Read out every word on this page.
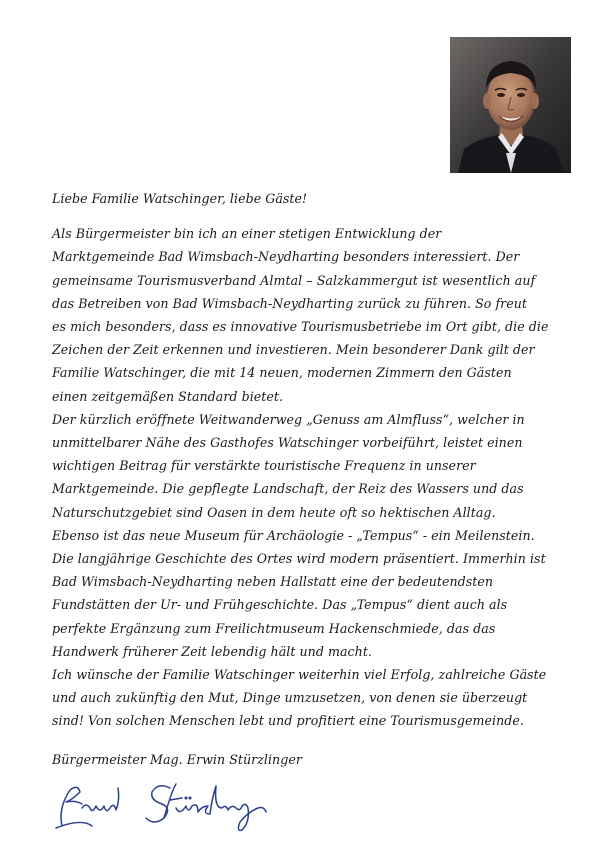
Liebe Familie Watschinger, liebe Gäste!

Als Bürgermeister bin ich an einer stetigen Entwicklung der
Marktgemeinde Bad Wimsbach-Neydharting besonders interessiert. Der
gemeinsame Tourismusverband Almtal – Salzkammergut ist wesentlich auf
das Betreiben von Bad Wimsbach-Neydharting zurück zu führen. So freut
es mich besonders, dass es innovative Tourismusbetriebe im Ort gibt, die die
Zeichen der Zeit erkennen und investieren. Mein besonderer Dank gilt der
Familie Watschinger, die mit 14 neuen, modernen Zimmern den Gästen
einen zeitgemäßen Standard bietet.
Der kürzlich eröffnete Weitwanderweg „Genuss am Almfluss“, welcher in
unmittelbarer Nähe des Gasthofes Watschinger vorbeiführt, leistet einen
wichtigen Beitrag für verstärkte touristische Frequenz in unserer
Marktgemeinde. Die gepflegte Landschaft, der Reiz des Wassers und das
Naturschutzgebiet sind Oasen in dem heute oft so hektischen Alltag.
Ebenso ist das neue Museum für Archäologie - „Tempus“ - ein Meilenstein.
Die langjährige Geschichte des Ortes wird modern präsentiert. Immerhin ist
Bad Wimsbach-Neydharting neben Hallstatt eine der bedeutendsten
Fundstätten der Ur- und Frühgeschichte. Das „Tempus“ dient auch als
perfekte Ergänzung zum Freilichtmuseum Hackenschmiede, das das
Handwerk früherer Zeit lebendig hält und macht.
Ich wünsche der Familie Watschinger weiterhin viel Erfolg, zahlreiche Gäste
und auch zukünftig den Mut, Dinge umzusetzen, von denen sie überzeugt
sind! Von solchen Menschen lebt und profitiert eine Tourismusgemeinde.

Bürgermeister Mag. Erwin Stürzlinger
